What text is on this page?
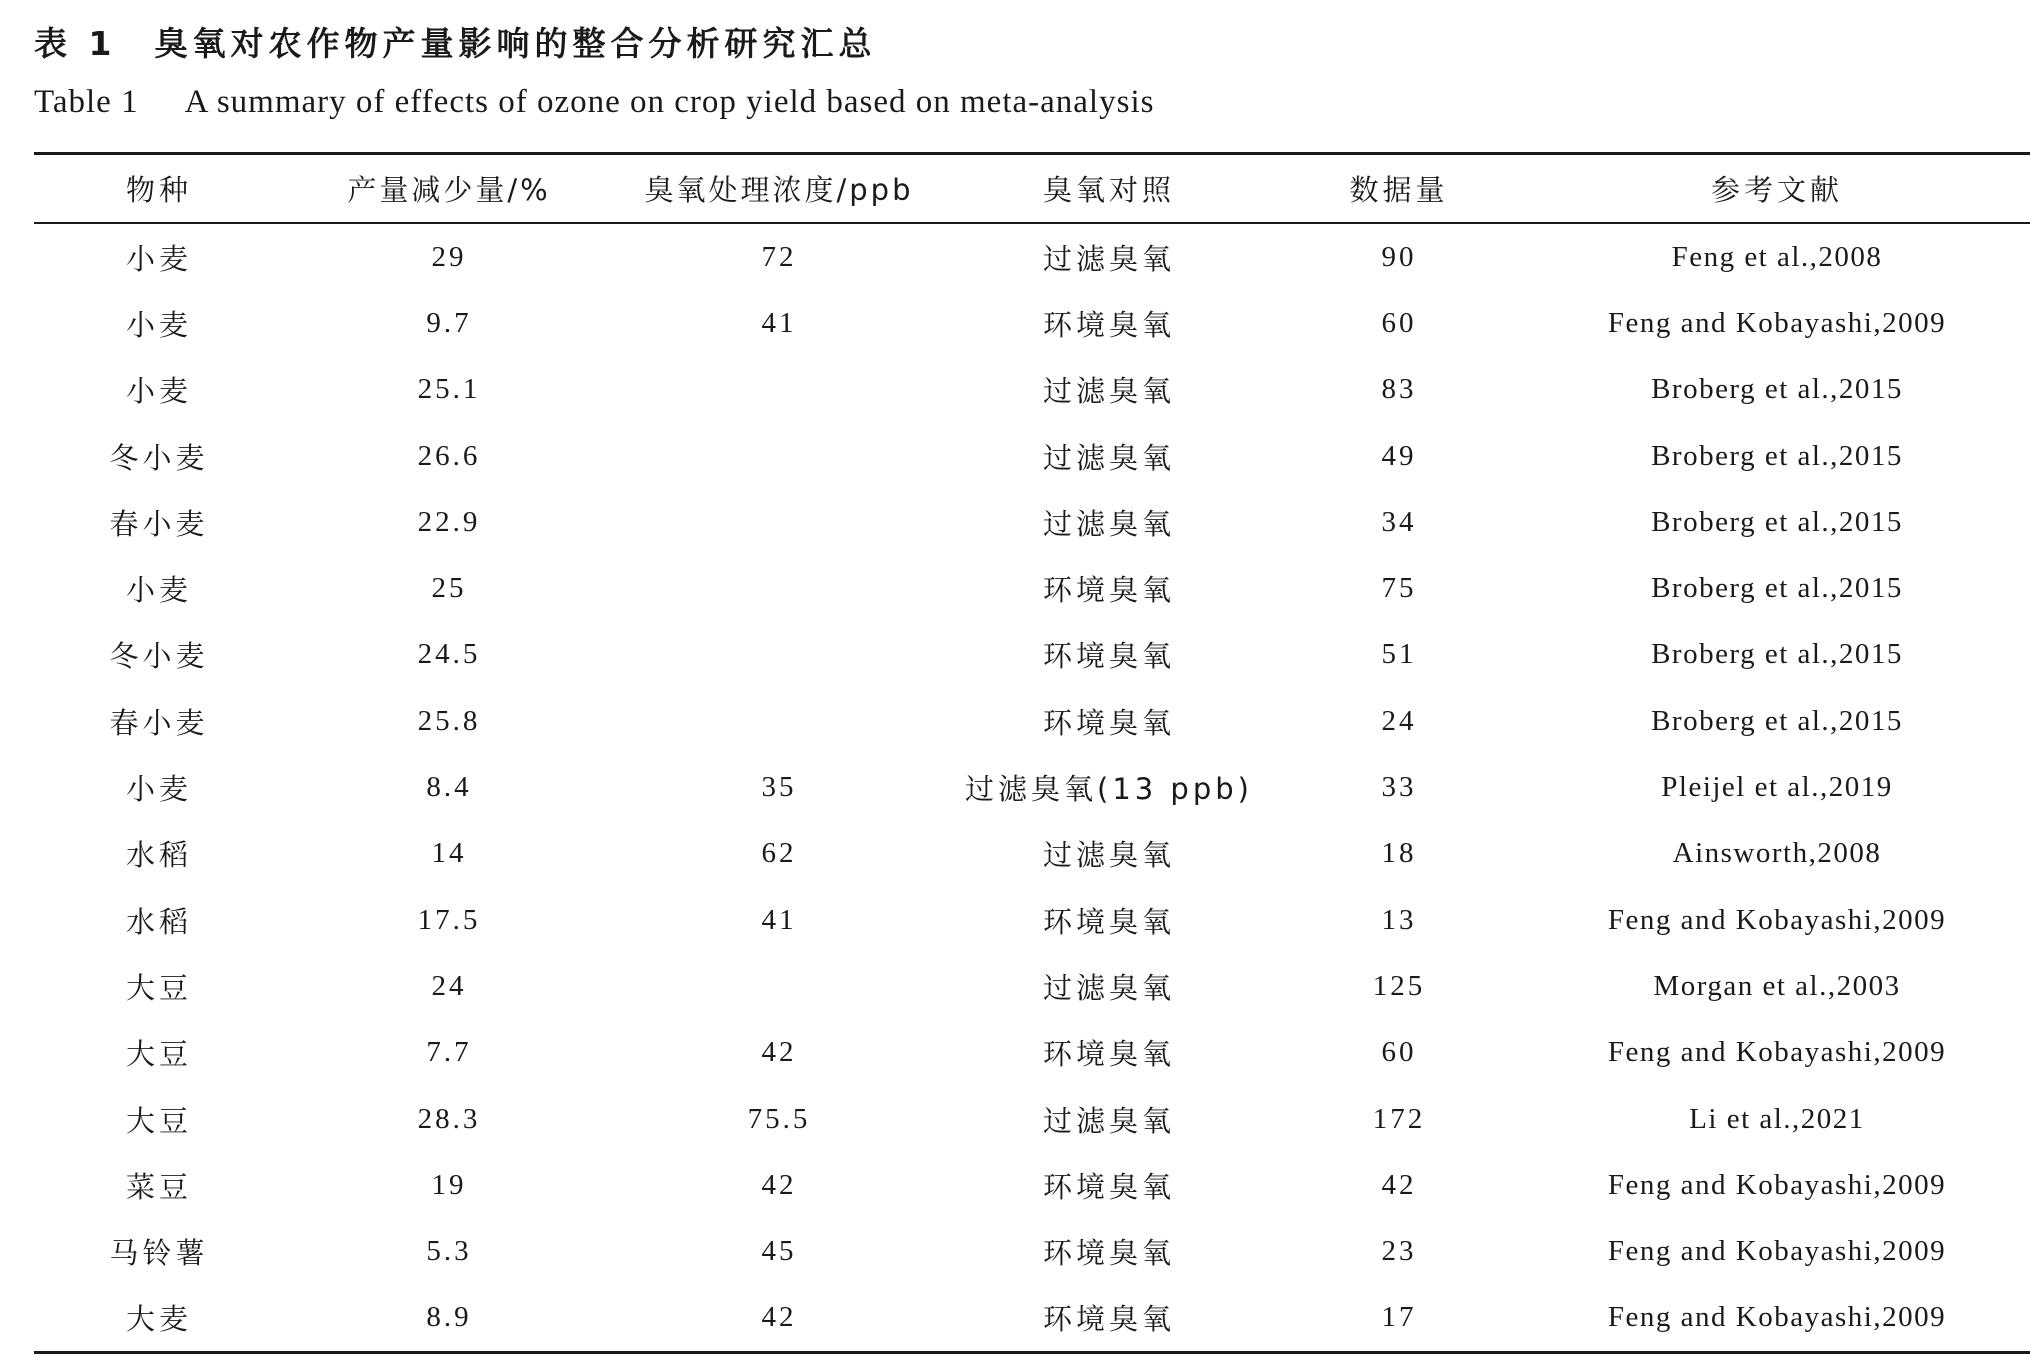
表 1 臭氧对农作物产量影响的整合分析研究汇总
Table 1 A summary of effects of ozone on crop yield based on meta-analysis
物种	产量减少量/%	臭氧处理浓度/ppb	臭氧对照	数据量	参考文献
小麦	29	72	过滤臭氧	90	Feng et al.,2008
小麦	9.7	41	环境臭氧	60	Feng and Kobayashi,2009
小麦	25.1		过滤臭氧	83	Broberg et al.,2015
冬小麦	26.6		过滤臭氧	49	Broberg et al.,2015
春小麦	22.9		过滤臭氧	34	Broberg et al.,2015
小麦	25		环境臭氧	75	Broberg et al.,2015
冬小麦	24.5		环境臭氧	51	Broberg et al.,2015
春小麦	25.8		环境臭氧	24	Broberg et al.,2015
小麦	8.4	35	过滤臭氧(13 ppb)	33	Pleijel et al.,2019
水稻	14	62	过滤臭氧	18	Ainsworth,2008
水稻	17.5	41	环境臭氧	13	Feng and Kobayashi,2009
大豆	24		过滤臭氧	125	Morgan et al.,2003
大豆	7.7	42	环境臭氧	60	Feng and Kobayashi,2009
大豆	28.3	75.5	过滤臭氧	172	Li et al.,2021
菜豆	19	42	环境臭氧	42	Feng and Kobayashi,2009
马铃薯	5.3	45	环境臭氧	23	Feng and Kobayashi,2009
大麦	8.9	42	环境臭氧	17	Feng and Kobayashi,2009
